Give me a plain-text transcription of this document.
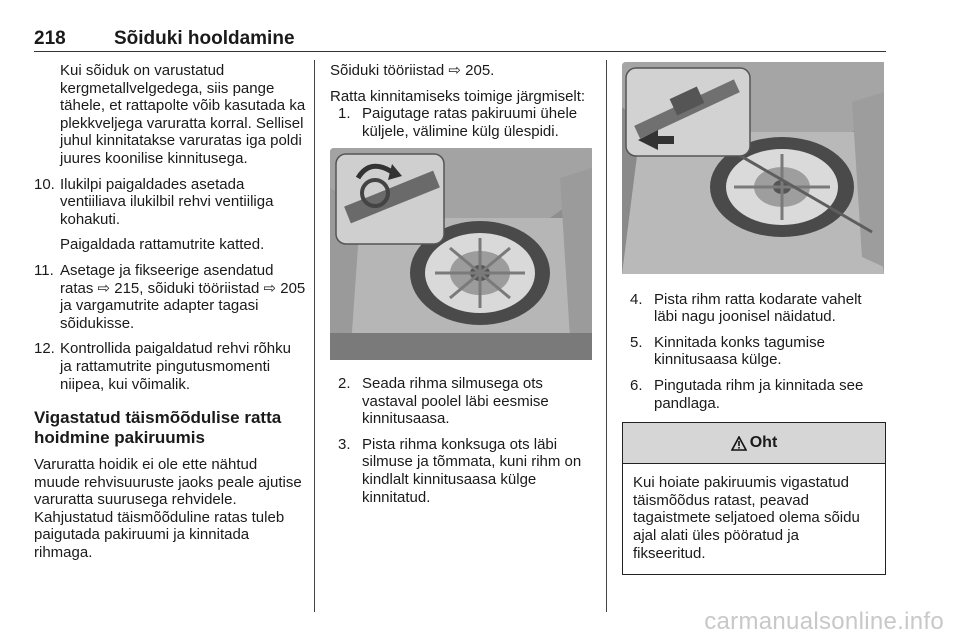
218	Sõiduki hooldamine

Kui sõiduk on varustatud kergmetallvelgedega, siis pange tähele, et rattapolte võib kasutada ka plekkveljega varuratta korral. Sellisel juhul kinnitatakse varuratas iga poldi juures koonilise kinnitusega.

10. Ilukilpi paigaldades asetada ventiiliava ilukilbil rehvi ventiiliga kohakuti.

Paigaldada rattamutrite katted.

11. Asetage ja fikseerige asendatud ratas ⇨ 215, sõiduki tööriistad ⇨ 205 ja vargamutrite adapter tagasi sõidukisse.
12. Kontrollida paigaldatud rehvi rõhku ja rattamutrite pingutusmomenti niipea, kui võimalik.

Vigastatud täismõõdulise ratta hoidmine pakiruumis

Varuratta hoidik ei ole ette nähtud muude rehvisuuruste jaoks peale ajutise varuratta suurusega rehvidele. Kahjustatud täismõõduline ratas tuleb paigutada pakiruumi ja kinnitada rihmaga.

Sõiduki tööriistad ⇨ 205.

Ratta kinnitamiseks toimige järgmiselt:

1. Paigutage ratas pakiruumi ühele küljele, välimine külg ülespidi.
2. Seada rihma silmusega ots vastaval poolel läbi eesmise kinnitusaasa.
3. Pista rihma konksuga ots läbi silmuse ja tõmmata, kuni rihm on kindlalt kinnitusaasa külge kinnitatud.
4. Pista rihm ratta kodarate vahelt läbi nagu joonisel näidatud.
5. Kinnitada konks tagumise kinnitusaasa külge.
6. Pingutada rihm ja kinnitada see pandlaga.
Oht
Kui hoiate pakiruumis vigastatud täismõõdus ratast, peavad tagaistmete seljatoed olema sõidu ajal alati üles pööratud ja fikseeritud.
carmanualsonline.info
